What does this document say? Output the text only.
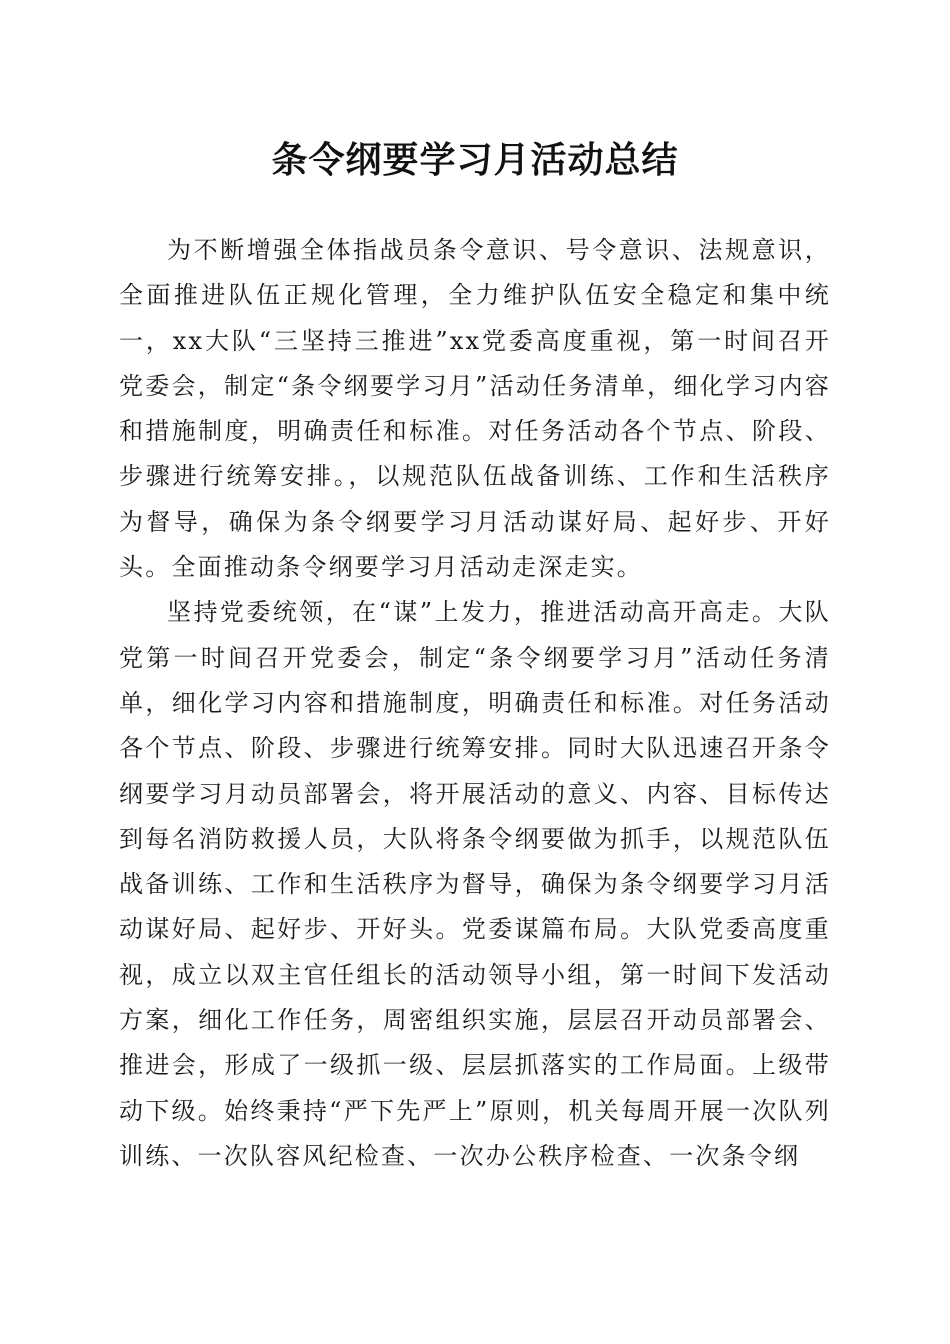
条令纲要学习月活动总结

为不断增强全体指战员条令意识、号令意识、法规意识，全面推进队伍正规化管理，全力维护队伍安全稳定和集中统一，xx大队“三坚持三推进”xx党委高度重视，第一时间召开党委会，制定“条令纲要学习月”活动任务清单，细化学习内容和措施制度，明确责任和标准。对任务活动各个节点、阶段、步骤进行统筹安排。，以规范队伍战备训练、工作和生活秩序为督导，确保为条令纲要学习月活动谋好局、起好步、开好头。全面推动条令纲要学习月活动走深走实。

坚持党委统领，在“谋”上发力，推进活动高开高走。大队党第一时间召开党委会，制定“条令纲要学习月”活动任务清单，细化学习内容和措施制度，明确责任和标准。对任务活动各个节点、阶段、步骤进行统筹安排。同时大队迅速召开条令纲要学习月动员部署会，将开展活动的意义、内容、目标传达到每名消防救援人员，大队将条令纲要做为抓手，以规范队伍战备训练、工作和生活秩序为督导，确保为条令纲要学习月活动谋好局、起好步、开好头。党委谋篇布局。大队党委高度重视，成立以双主官任组长的活动领导小组，第一时间下发活动方案，细化工作任务，周密组织实施，层层召开动员部署会、推进会，形成了一级抓一级、层层抓落实的工作局面。上级带动下级。始终秉持“严下先严上”原则，机关每周开展一次队列训练、一次队容风纪检查、一次办公秩序检查、一次条令纲
